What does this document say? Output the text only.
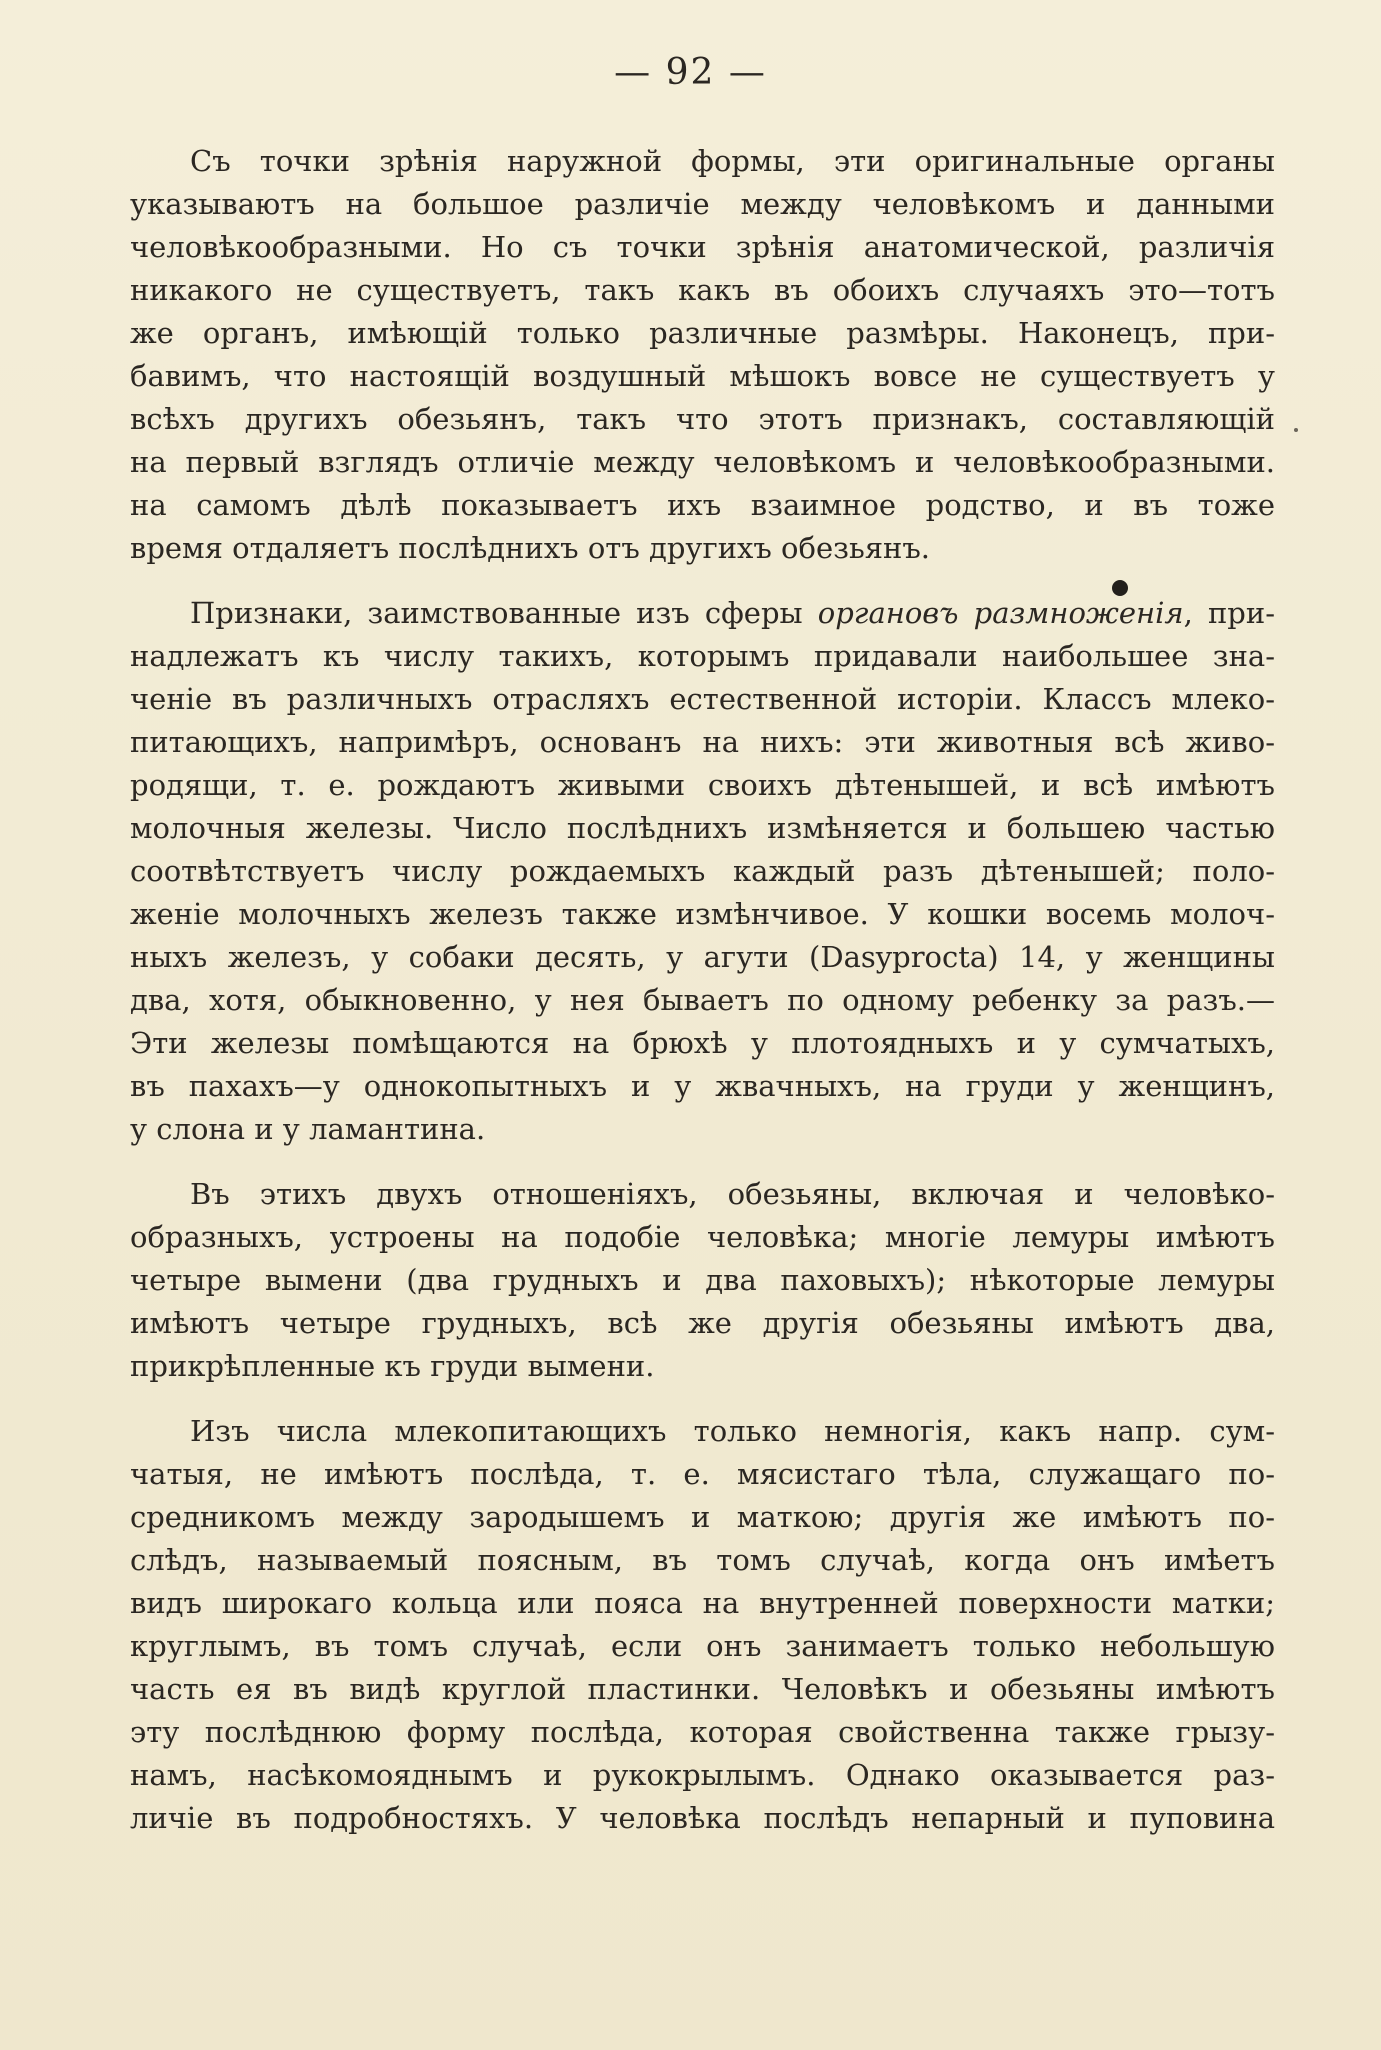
— 92 —
Съ точки зрѣнія наружной формы, эти оригинальные органы
указываютъ на большое различіе между человѣкомъ и данными
человѣкообразными. Но съ точки зрѣнія анатомической, различія
никакого не существуетъ, такъ какъ въ обоихъ случаяхъ это—тотъ
же органъ, имѣющій только различные размѣры. Наконецъ, при-
бавимъ, что настоящій воздушный мѣшокъ вовсе не существуетъ у
всѣхъ другихъ обезьянъ, такъ что этотъ признакъ, составляющій
на первый взглядъ отличіе между человѣкомъ и человѣкообразными.
на самомъ дѣлѣ показываетъ ихъ взаимное родство, и въ тоже
время отдаляетъ послѣднихъ отъ другихъ обезьянъ.
Признаки, заимствованные изъ сферы органовъ размноженія, при-
надлежатъ къ числу такихъ, которымъ придавали наибольшее зна-
ченіе въ различныхъ отрасляхъ естественной исторіи. Классъ млеко-
питающихъ, напримѣръ, основанъ на нихъ: эти животныя всѣ живо-
родящи, т. е. рождаютъ живыми своихъ дѣтенышей, и всѣ имѣютъ
молочныя железы. Число послѣднихъ измѣняется и большею частью
соотвѣтствуетъ числу рождаемыхъ каждый разъ дѣтенышей; поло-
женіе молочныхъ железъ также измѣнчивое. У кошки восемь молоч-
ныхъ железъ, у собаки десять, у агути (Dasyprocta) 14, у женщины
два, хотя, обыкновенно, у нея бываетъ по одному ребенку за разъ.—
Эти железы помѣщаются на брюхѣ у плотоядныхъ и у сумчатыхъ,
въ пахахъ—у однокопытныхъ и у жвачныхъ, на груди у женщинъ,
у слона и у ламантина.
Въ этихъ двухъ отношеніяхъ, обезьяны, включая и человѣко-
образныхъ, устроены на подобіе человѣка; многіе лемуры имѣютъ
четыре вымени (два грудныхъ и два паховыхъ); нѣкоторые лемуры
имѣютъ четыре грудныхъ, всѣ же другія обезьяны имѣютъ два,
прикрѣпленные къ груди вымени.
Изъ числа млекопитающихъ только немногія, какъ напр. сум-
чатыя, не имѣютъ послѣда, т. е. мясистаго тѣла, служащаго по-
средникомъ между зародышемъ и маткою; другія же имѣютъ по-
слѣдъ, называемый поясным, въ томъ случаѣ, когда онъ имѣетъ
видъ широкаго кольца или пояса на внутренней поверхности матки;
круглымъ, въ томъ случаѣ, если онъ занимаетъ только небольшую
часть ея въ видѣ круглой пластинки. Человѣкъ и обезьяны имѣютъ
эту послѣднюю форму послѣда, которая свойственна также грызу-
намъ, насѣкомояднымъ и рукокрылымъ. Однако оказывается раз-
личіе въ подробностяхъ. У человѣка послѣдъ непарный и пуповина
